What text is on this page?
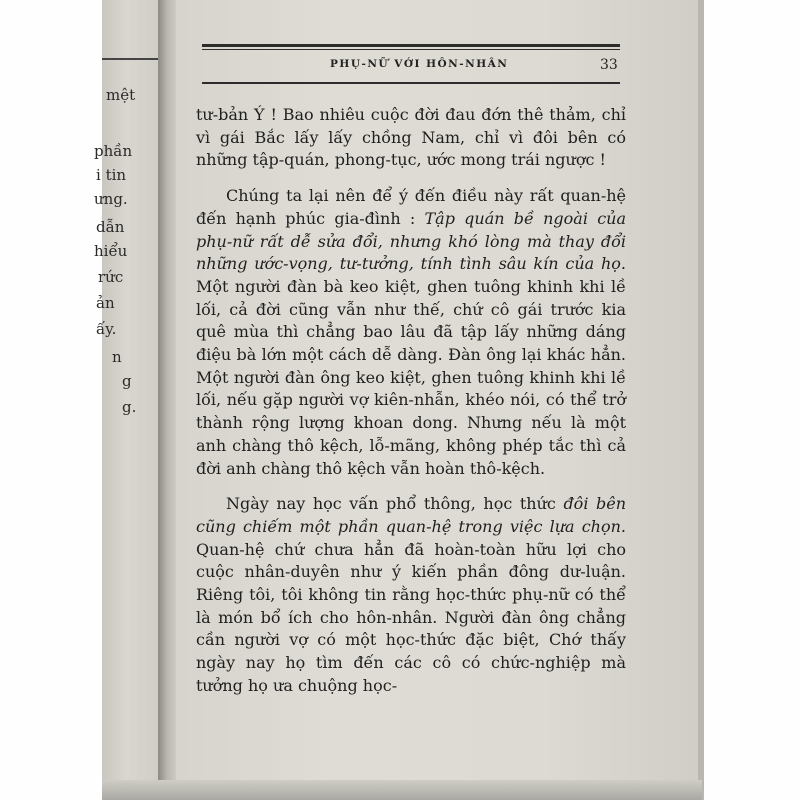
mệt
phần
i tin
ưng.
dẫn
hiểu
rức
ản
ấy.
n
g
g.
PHỤ-NỮ VỚI HÔN-NHÂN	33

tư-bản Ý ! Bao nhiêu cuộc đời đau đớn thê thảm, chỉ vì gái Bắc lấy lấy chồng Nam, chỉ vì đôi bên có những tập-quán, phong-tục, ước mong trái ngược !

Chúng ta lại nên để ý đến điều này rất quan-hệ đến hạnh phúc gia-đình : Tập quán bề ngoài của phụ-nữ rất dễ sửa đổi, nhưng khó lòng mà thay đổi những ước-vọng, tư-tưởng, tính tình sâu kín của họ. Một người đàn bà keo kiệt, ghen tuông khinh khi lề lối, cả đời cũng vẫn như thế, chứ cô gái trước kia quê mùa thì chẳng bao lâu đã tập lấy những dáng điệu bà lớn một cách dễ dàng. Đàn ông lại khác hẳn. Một người đàn ông keo kiệt, ghen tuông khinh khi lề lối, nếu gặp người vợ kiên-nhẫn, khéo nói, có thể trở thành rộng lượng khoan dong. Nhưng nếu là một anh chàng thô kệch, lỗ-mãng, không phép tắc thì cả đời anh chàng thô kệch vẫn hoàn thô-kệch.

Ngày nay học vấn phổ thông, học thức đôi bên cũng chiếm một phần quan-hệ trong việc lựa chọn. Quan-hệ chứ chưa hẳn đã hoàn-toàn hữu lợi cho cuộc nhân-duyên như ý kiến phần đông dư-luận. Riêng tôi, tôi không tin rằng học-thức phụ-nữ có thể là món bổ ích cho hôn-nhân. Người đàn ông chẳng cần người vợ có một học-thức đặc biệt, Chớ thấy ngày nay họ tìm đến các cô có chức-nghiệp mà tưởng họ ưa chuộng học-
